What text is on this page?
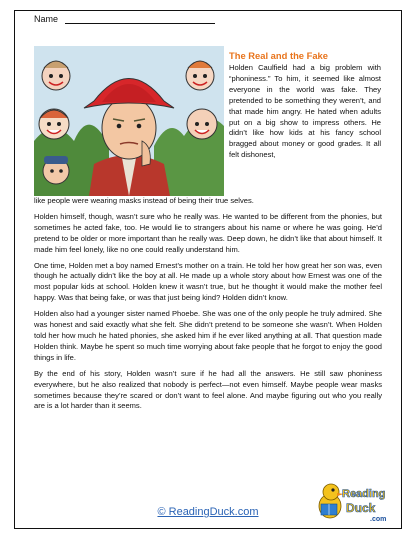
Name
The Real and the Fake
Holden Caulfield had a big problem with “phoniness.” To him, it seemed like almost everyone in the world was fake. They pretended to be something they weren’t, and that made him angry. He hated when adults put on a big show to impress others. He didn’t like how kids at his fancy school bragged about money or good grades. It all felt dishonest,

like people were wearing masks instead of being their true selves.

Holden himself, though, wasn’t sure who he really was. He wanted to be different from the phonies, but sometimes he acted fake, too. He would lie to strangers about his name or where he was going. He’d pretend to be older or more important than he really was. Deep down, he didn’t like that about himself. It made him feel lonely, like no one could really understand him.

One time, Holden met a boy named Ernest’s mother on a train. He told her how great her son was, even though he actually didn’t like the boy at all. He made up a whole story about how Ernest was one of the most popular kids at school. Holden knew it wasn’t true, but he thought it would make the mother feel happy. Was that being fake, or was that just being kind? Holden didn’t know.

Holden also had a younger sister named Phoebe. She was one of the only people he truly admired. She was honest and said exactly what she felt. She didn’t pretend to be someone she wasn’t. When Holden told her how much he hated phonies, she asked him if he ever liked anything at all. That question made Holden think. Maybe he spent so much time worrying about fake people that he forgot to enjoy the good things in life.

By the end of his story, Holden wasn’t sure if he had all the answers. He still saw phoniness everywhere, but he also realized that nobody is perfect—not even himself. Maybe people wear masks sometimes because they’re scared or don’t want to feel alone. And maybe figuring out who you really are is a lot harder than it seems.

© ReadingDuck.com
Reading
Duck
.com
